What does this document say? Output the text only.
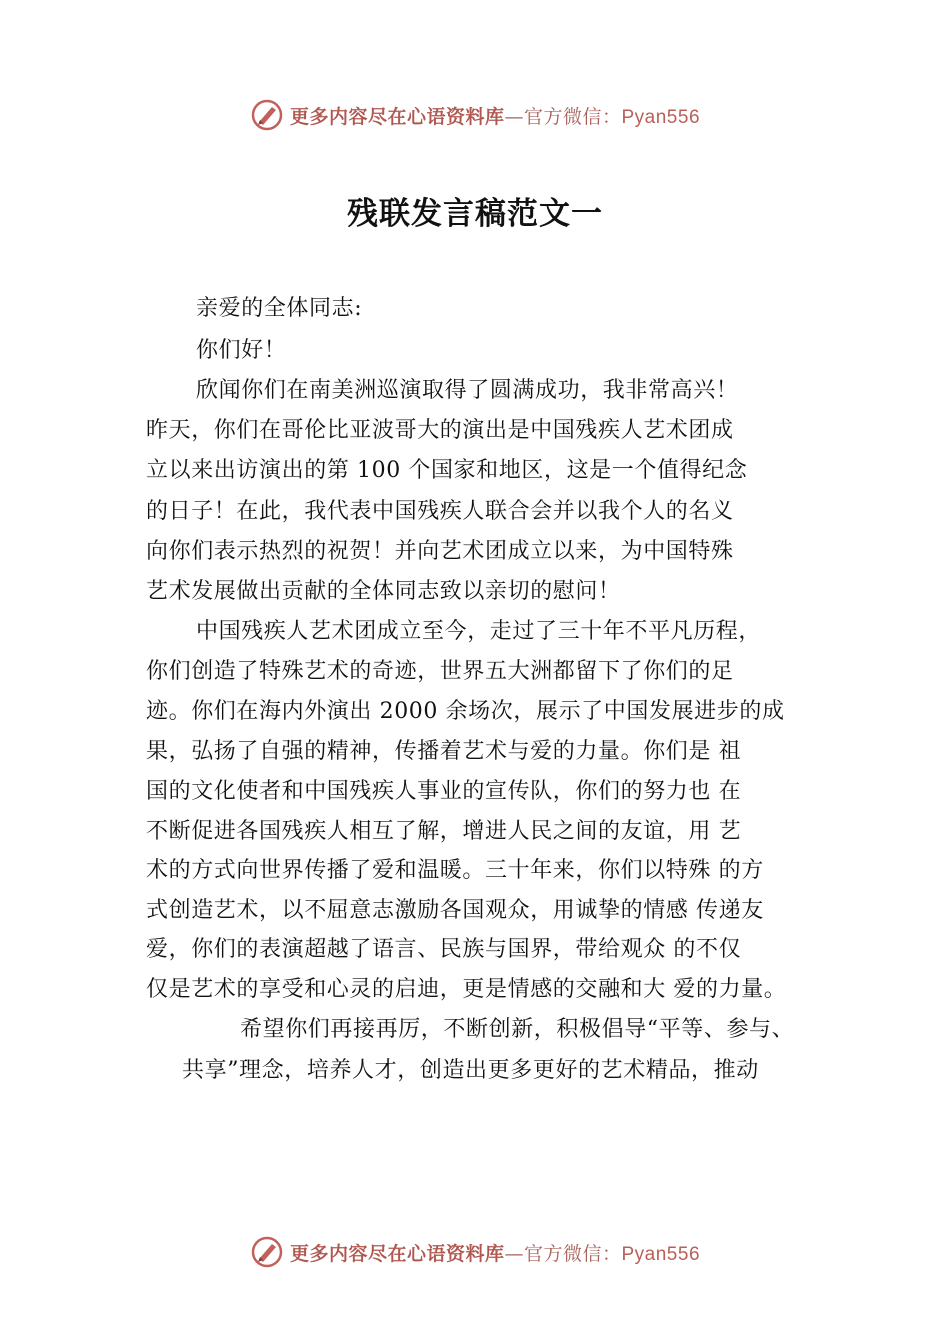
更多内容尽在心语资料库—官方微信：Pyan556
残联发言稿范文一

亲爱的全体同志:

你们好！

欣闻你们在南美洲巡演取得了圆满成功，我非常高兴！

昨天，你们在哥伦比亚波哥大的演出是中国残疾人艺术团成

立以来出访演出的第 100 个国家和地区，这是一个值得纪念

的日子！在此，我代表中国残疾人联合会并以我个人的名义

向你们表示热烈的祝贺！并向艺术团成立以来，为中国特殊

艺术发展做出贡献的全体同志致以亲切的慰问！

中国残疾人艺术团成立至今，走过了三十年不平凡历程，

你们创造了特殊艺术的奇迹，世界五大洲都留下了你们的足

迹。你们在海内外演出 2000 余场次，展示了中国发展进步的成

果，弘扬了自强的精神，传播着艺术与爱的力量。你们是 祖

国的文化使者和中国残疾人事业的宣传队，你们的努力也 在

不断促进各国残疾人相互了解，增进人民之间的友谊，用 艺

术的方式向世界传播了爱和温暖。三十年来，你们以特殊 的方

式创造艺术，以不屈意志激励各国观众，用诚挚的情感 传递友

爱，你们的表演超越了语言、民族与国界，带给观众 的不仅

仅是艺术的享受和心灵的启迪，更是情感的交融和大 爱的力量。

希望你们再接再厉，不断创新，积极倡导“平等、参与、

共享”理念，培养人才，创造出更多更好的艺术精品，推动

更多内容尽在心语资料库—官方微信：Pyan556
